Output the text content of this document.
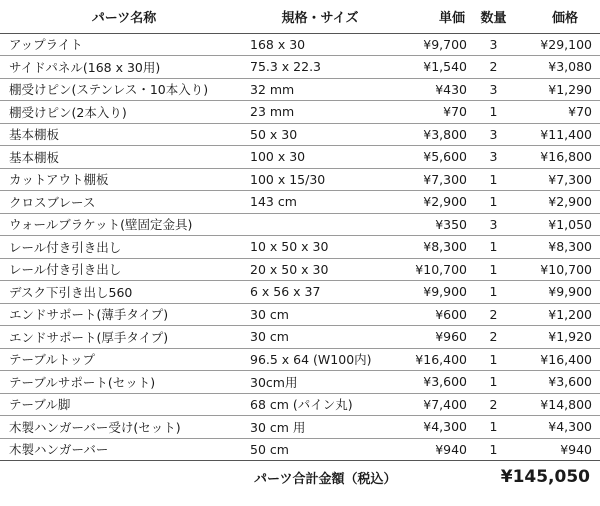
パーツ名称	規格・サイズ	単価	数量	価格
アップライト	168 x 30	¥9,700	3	¥29,100
サイドパネル(168 x 30用)	75.3 x 22.3	¥1,540	2	¥3,080
棚受けピン(ステンレス・10本入り)	32 mm	¥430	3	¥1,290
棚受けピン(2本入り)	23 mm	¥70	1	¥70
基本棚板	50 x 30	¥3,800	3	¥11,400
基本棚板	100 x 30	¥5,600	3	¥16,800
カットアウト棚板	100 x 15/30	¥7,300	1	¥7,300
クロスブレース	143 cm	¥2,900	1	¥2,900
ウォールブラケット(壁固定金具)		¥350	3	¥1,050
レール付き引き出し	10 x 50 x 30	¥8,300	1	¥8,300
レール付き引き出し	20 x 50 x 30	¥10,700	1	¥10,700
デスク下引き出し560	6 x 56 x 37	¥9,900	1	¥9,900
エンドサポート(薄手タイプ)	30 cm	¥600	2	¥1,200
エンドサポート(厚手タイプ)	30 cm	¥960	2	¥1,920
テーブルトップ	96.5 x 64 (W100内)	¥16,400	1	¥16,400
テーブルサポート(セット)	30cm用	¥3,600	1	¥3,600
テーブル脚	68 cm (パイン丸)	¥7,400	2	¥14,800
木製ハンガーバー受け(セット)	30 cm 用	¥4,300	1	¥4,300
木製ハンガーバー	50 cm	¥940	1	¥940
	パーツ合計金額（税込）		¥145,050	
